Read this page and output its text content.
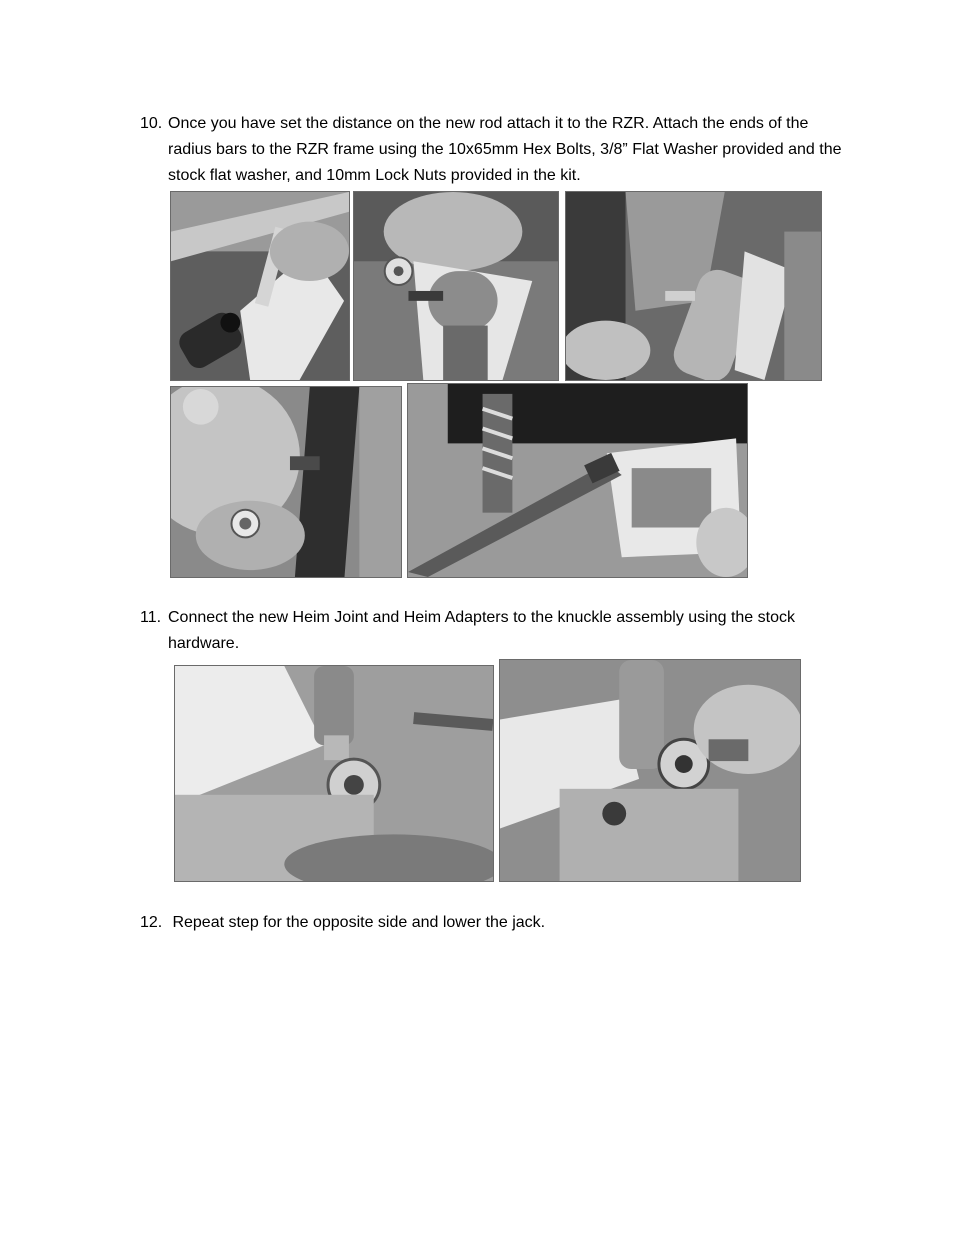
10. Once you have set the distance on the new rod attach it to the RZR. Attach the ends of the radius bars to the RZR frame using the 10x65mm Hex Bolts, 3/8” Flat Washer provided and the stock flat washer, and 10mm Lock Nuts provided in the kit.
11. Connect the new Heim Joint and Heim Adapters to the knuckle assembly using the stock hardware.
12. Repeat step for the opposite side and lower the jack.
